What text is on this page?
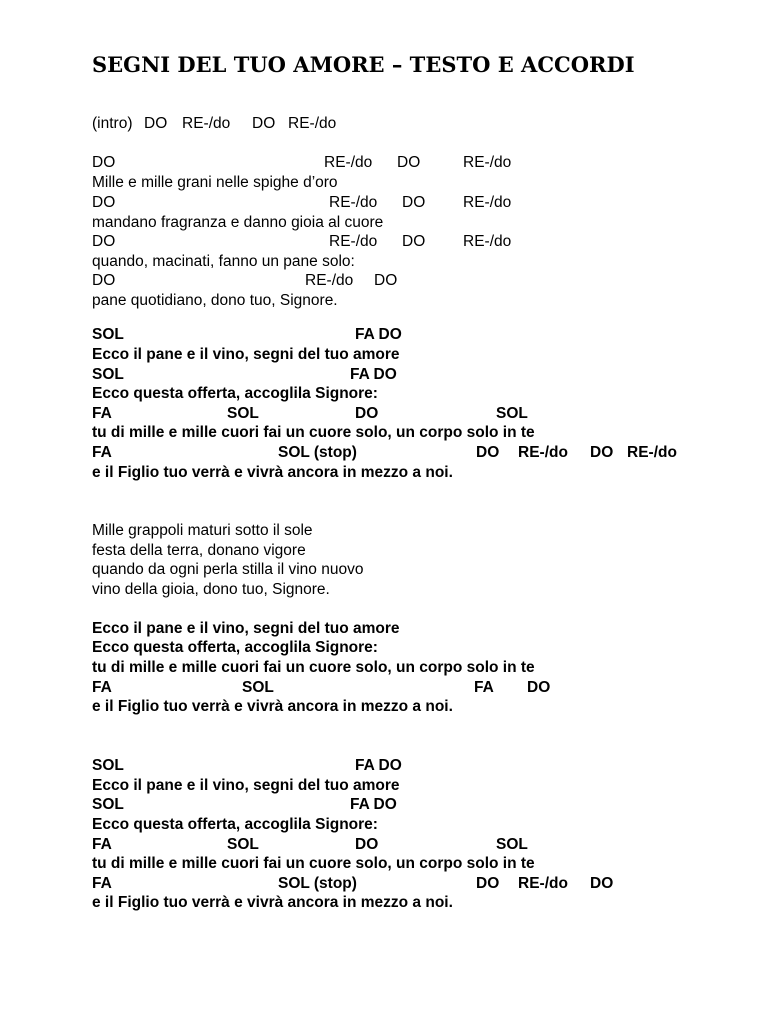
SEGNI DEL TUO AMORE – TESTO E ACCORDI
(intro) DO RE-/do DO RE-/do
DO	RE-/do DO	RE-/do
Mille e mille grani nelle spighe d’oro
DO	RE-/do DO RE-/do
mandano fragranza e danno gioia al cuore
DO	RE-/do DO RE-/do
quando, macinati, fanno un pane solo:
DO	RE-/do DO
pane quotidiano, dono tuo, Signore.
SOL	FA DO
Ecco il pane e il vino, segni del tuo amore
SOL	FA DO
Ecco questa offerta, accoglila Signore:
FA	SOL	DO	SOL
tu di mille e mille cuori fai un cuore solo, un corpo solo in te
FA	SOL (stop)	DO RE-/do DO RE-/do
e il Figlio tuo verrà e vivrà ancora in mezzo a noi.
Mille grappoli maturi sotto il sole
festa della terra, donano vigore
quando da ogni perla stilla il vino nuovo
vino della gioia, dono tuo, Signore.
Ecco il pane e il vino, segni del tuo amore
Ecco questa offerta, accoglila Signore:
tu di mille e mille cuori fai un cuore solo, un corpo solo in te
FA	SOL	FA DO
e il Figlio tuo verrà e vivrà ancora in mezzo a noi.
SOL	FA DO
Ecco il pane e il vino, segni del tuo amore
SOL	FA DO
Ecco questa offerta, accoglila Signore:
FA	SOL	DO	SOL
tu di mille e mille cuori fai un cuore solo, un corpo solo in te
FA	SOL (stop)	DO RE-/do DO
e il Figlio tuo verrà e vivrà ancora in mezzo a noi.
